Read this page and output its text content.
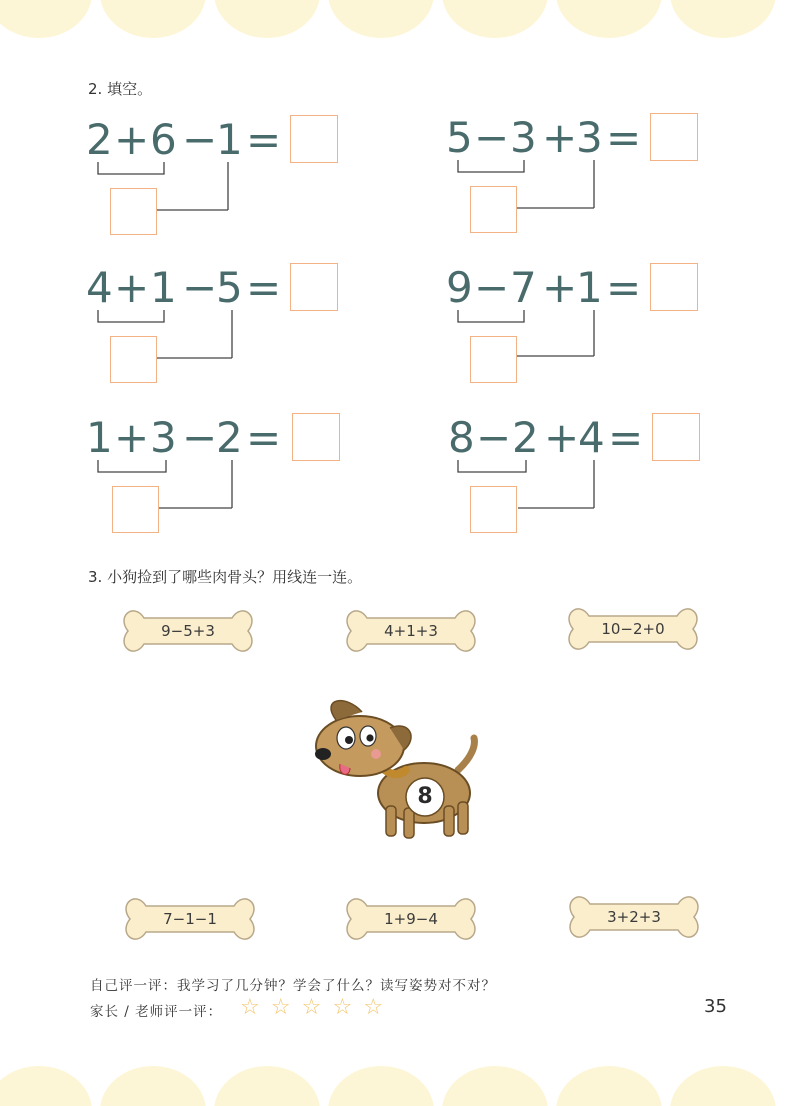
2. 填空。
2 + 6 −
1 =	5 − 3 +
3 =
4 + 1 −
5 =	9 − 7 +
1 =
1 + 3 −
2 =	8 − 2 +
4 =
3. 小狗捡到了哪些肉骨头？用线连一连。
9−5+3	4+1+3	10−2+0
8
7−1−1	1+9−4	3+2+3
自己评一评：我学习了几分钟？学会了什么？读写姿势对不对？
家长 / 老师评一评： ☆ ☆ ☆ ☆ ☆	35
